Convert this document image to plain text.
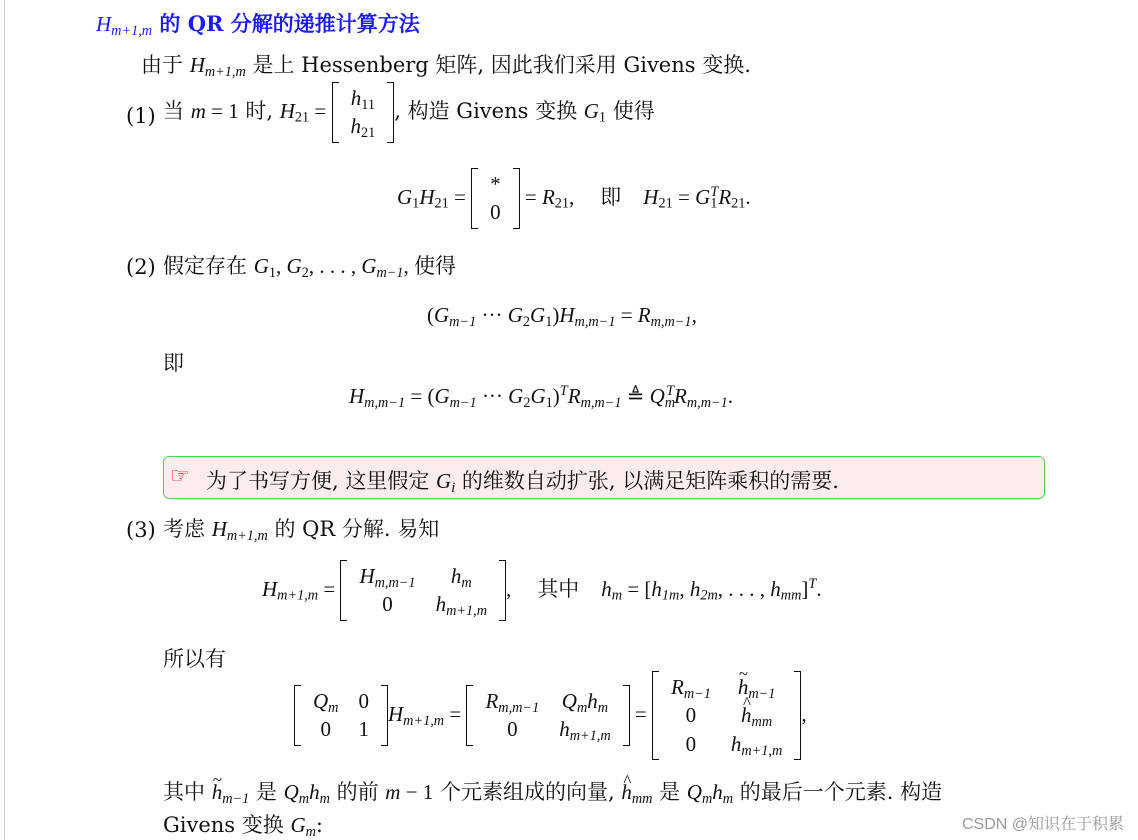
$H_{m+1,m}$ 的 QR 分解的递推计算方法
由于 $H_{m+1,m}$ 是上 Hessenberg 矩阵, 因此我们采用 Givens 变换.
(1) 当 m = 1 时, $H_{21}$ =
$h_{11}$
$h_{21}$
, 构造 Givens 变换 $G_1$ 使得
$G_1H_{21}$ =
*
0
= $R_{21}$, 即 $H_{21} = G_1^TR_{21}$.
(2) 假定存在 $G_1$, $G_2$, . . . , $G_{m-1}$, 使得
($G_{m-1}$ ··· $G_2G_1)H_{m,m-1} = R_{m,m-1}$,
即
$H_{m,m-1} = (G_{m-1}$ ··· $G_2G_1)^TR_{m,m-1}$ ≜ $Q_m^TR_{m,m-1}$.
☞ 为了书写方便, 这里假定 $G_i$ 的维数自动扩张, 以满足矩阵乘积的需要.
(3) 考虑 $H_{m+1,m}$ 的 QR 分解. 易知
$H_{m+1,m}$ =
$H_{m,m-1}$	$h_m$
0	$h_{m+1,m}$
, 其中 $h_m = [h_{1m}$, $h_{2m}$, . . . , $h_{mm}]^T$.
所以有
$Q_m$	0
0	1
$H_{m+1,m}$ =
$R_{m,m-1}$	$Q_mh_m$
0	$h_{m+1,m}$
=
$R_{m-1}$	~ $h_{m-1}$
0	^ $h_{mm}$
0	$h_{m+1,m}$
,
其中 ~ $h_{m-1}$ 是 $Q_mh_m$ 的前 m − 1 个元素组成的向量, ^ $h_{mm}$ 是 $Q_mh_m$ 的最后一个元素. 构造
Givens 变换 $G_m$:	CSDN @知识在于积累
